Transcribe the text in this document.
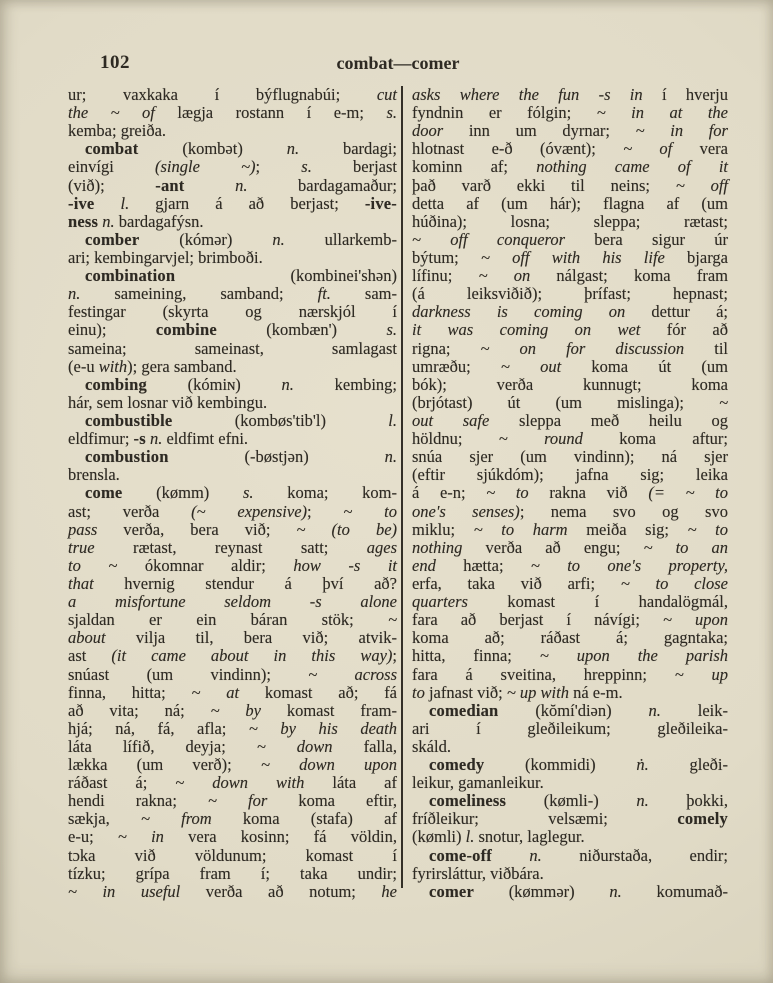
102	combat—comer
ur; vaxkaka í býflugnabúi; cut
the ~ of lægja rostann í e-m; s.
kemba; greiða.
combat (kombət) n. bardagi;
einvígi (single ~); s. berjast
(við); -ant	n. bardagamaður;
-ive l. gjarn á að berjast; -ive-
ness n. bardagafýsn.
comber (kómər) n. ullarkemb-
ari; kembingarvjel; brimboði.
combination (kombinei'shən)
n. sameining, samband; ft. sam-
festingar (skyrta og nærskjól í
einu); combine (kombæn') s.
sameina; sameinast, samlagast
(e-u with); gera samband.
combing (kómiɴ) n. kembing;
hár, sem losnar við kembingu.
combustible (kombøs'tib'l) l.
eldfimur; -s n. eldfimt efni.
combustion (-bøstjən) n.
brensla.
come (kømm) s. koma; kom-
ast; verða (~ expensive); ~ to
pass verða, bera við; ~ (to be)
true rætast, reynast satt; ages
to ~ ókomnar aldir; how -s it
that hvernig stendur á því að?
a misfortune seldom -s alone
sjaldan er ein báran stök; ~
about vilja til, bera við; atvik-
ast (it came about in this way);
snúast (um vindinn); ~ across
finna, hitta; ~ at komast að; fá
að vita; ná; ~ by komast fram-
hjá; ná, fá, afla; ~ by his death
láta lífið, deyja; ~ down falla,
lækka (um verð); ~ down upon
ráðast á; ~ down with láta af
hendi rakna; ~ for koma eftir,
sækja, ~ from koma (stafa) af
e-u; ~ in vera kosinn; fá völdin,
tɔka við völdunum; komast í
tízku; grípa fram í; taka undir;
~ in useful verða að notum; he
asks where the fun -s in í hverju
fyndnin er fólgin; ~ in at the
door inn um dyrnar; ~ in for
hlotnast e-ð (óvænt); ~ of vera
kominn af; nothing came of it
það varð ekki til neins; ~ off
detta af (um hár); flagna af (um
húðina); losna; sleppa; rætast;
~ off conqueror bera sigur úr
býtum; ~ off with his life bjarga
lífinu; ~ on nálgast; koma fram
(á leiksviðið); þrífast; hepnast;
darkness is coming on dettur á;
it was coming on wet fór að
rigna; ~ on for discussion til
umræðu; ~ out koma út (um
bók); verða kunnugt; koma
(brjótast) út (um mislinga); ~
out safe sleppa með heilu og
höldnu; ~ round koma aftur;
snúa sjer (um vindinn); ná sjer
(eftir sjúkdóm); jafna sig; leika
á e-n; ~ to rakna við (= ~ to
one's senses); nema svo og svo
miklu; ~ to harm meiða sig; ~ to
nothing verða að engu; ~ to an
end hætta; ~ to one's property,
erfa, taka við arfi; ~ to close
quarters komast í handalögmál,
fara að berjast í návígi; ~ upon
koma að; ráðast á; gagntaka;
hitta, finna; ~ upon the parish
fara á sveitina, hreppinn; ~ up
to jafnast við; ~ up with ná e-m.
comedian (kŏmí'diən) n. leik-
ari í gleðileikum; gleðileika-
skáld.
comedy (kommidi) ṅ. gleði-
leikur, gamanleikur.
comeliness (kømli-) n. þokki,
fríðleikur; velsæmi; comely
(kømli) l. snotur, laglegur.
come-off n. niðurstaða, endir;
fyrirsláttur, viðbára.
comer (kømmər) n. komumað-
